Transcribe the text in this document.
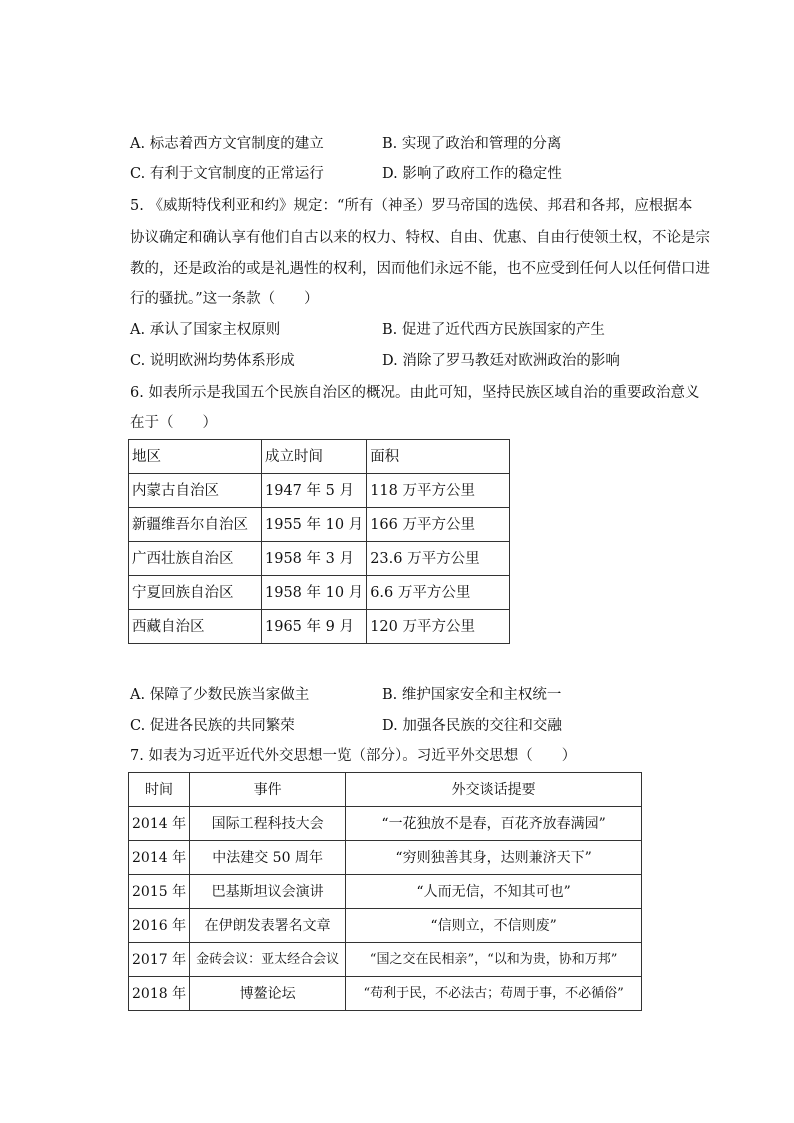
A. 标志着西方文官制度的建立	B. 实现了政治和管理的分离
C. 有利于文官制度的正常运行	D. 影响了政府工作的稳定性
5. 《威斯特伐利亚和约》规定：“所有（神圣）罗马帝国的选侯、邦君和各邦，应根据本
协议确定和确认享有他们自古以来的权力、特权、自由、优惠、自由行使领土权，不论是宗
教的，还是政治的或是礼遇性的权利，因而他们永远不能，也不应受到任何人以任何借口进
行的骚扰。”这一条款（　　）
A. 承认了国家主权原则	B. 促进了近代西方民族国家的产生
C. 说明欧洲均势体系形成	D. 消除了罗马教廷对欧洲政治的影响
6. 如表所示是我国五个民族自治区的概况。由此可知，坚持民族区域自治的重要政治意义
在于（　　）
地区	成立时间	面积
内蒙古自治区	1947 年 5 月	118 万平方公里
新疆维吾尔自治区	1955 年 10 月	166 万平方公里
广西壮族自治区	1958 年 3 月	23.6 万平方公里
宁夏回族自治区	1958 年 10 月	6.6 万平方公里
西藏自治区	1965 年 9 月	120 万平方公里
A. 保障了少数民族当家做主	B. 维护国家安全和主权统一
C. 促进各民族的共同繁荣	D. 加强各民族的交往和交融
7. 如表为习近平近代外交思想一览（部分）。习近平外交思想（　　）
时间	事件	外交谈话提要
2014 年	国际工程科技大会	“一花独放不是春，百花齐放春满园”
2014 年	中法建交 50 周年	“穷则独善其身，达则兼济天下”
2015 年	巴基斯坦议会演讲	“人而无信，不知其可也”
2016 年	在伊朗发表署名文章	“信则立，不信则废”
2017 年	金砖会议：亚太经合会议	“国之交在民相亲”，“以和为贵，协和万邦”
2018 年	博鳌论坛	“苟利于民，不必法古；苟周于事，不必循俗”
